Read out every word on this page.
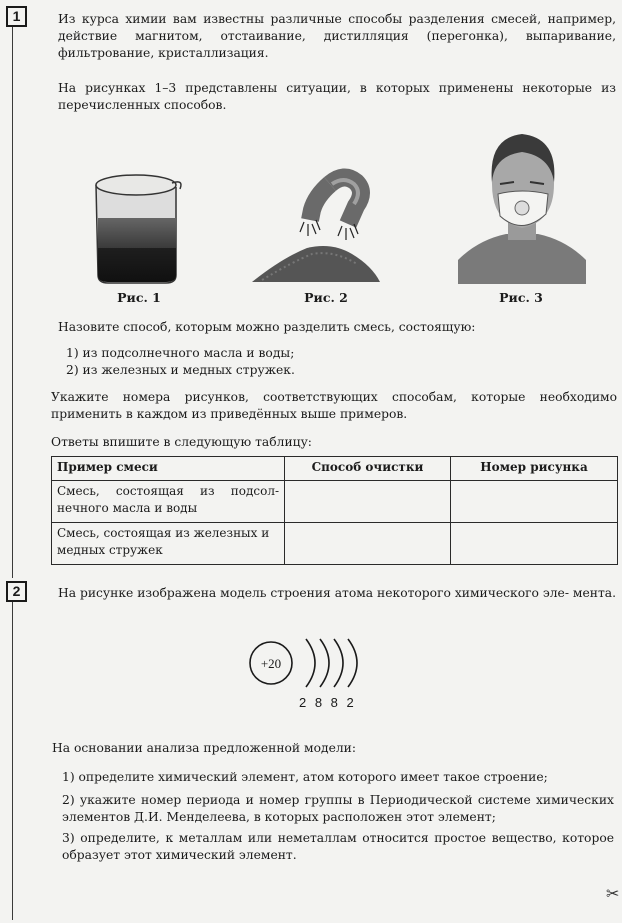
1	Из курса химии вам известны различные способы разделения смесей, например, действие магнитом, отстаивание, дистилляция (перегонка), выпаривание, фильтрование, кристаллизация.
На рисунках 1–3 представлены ситуации, в которых применены некоторые из перечисленных способов.
Рис. 1	Рис. 2	Рис. 3
Назовите способ, которым можно разделить смесь, состоящую:
1) из подсолнечного масла и воды;
2) из железных и медных стружек.
Укажите номера рисунков, соответствующих способам, которые необходимо применить в каждом из приведённых выше примеров.
Ответы впишите в следующую таблицу:
Пример смеси	Способ очистки	Номер рисунка
Смесь, состоящая из подсол- нечного масла и воды		
Смесь, состоящая из железных и медных стружек		
2	На рисунке изображена модель строения атома некоторого химического эле- мента.
+20
2 8 8 2
На основании анализа предложенной модели:
1) определите химический элемент, атом которого имеет такое строение;
2) укажите номер периода и номер группы в Периодической системе химических элементов Д.И. Менделеева, в которых расположен этот элемент;
3) определите, к металлам или неметаллам относится простое вещество, которое образует этот химический элемент.
✂
